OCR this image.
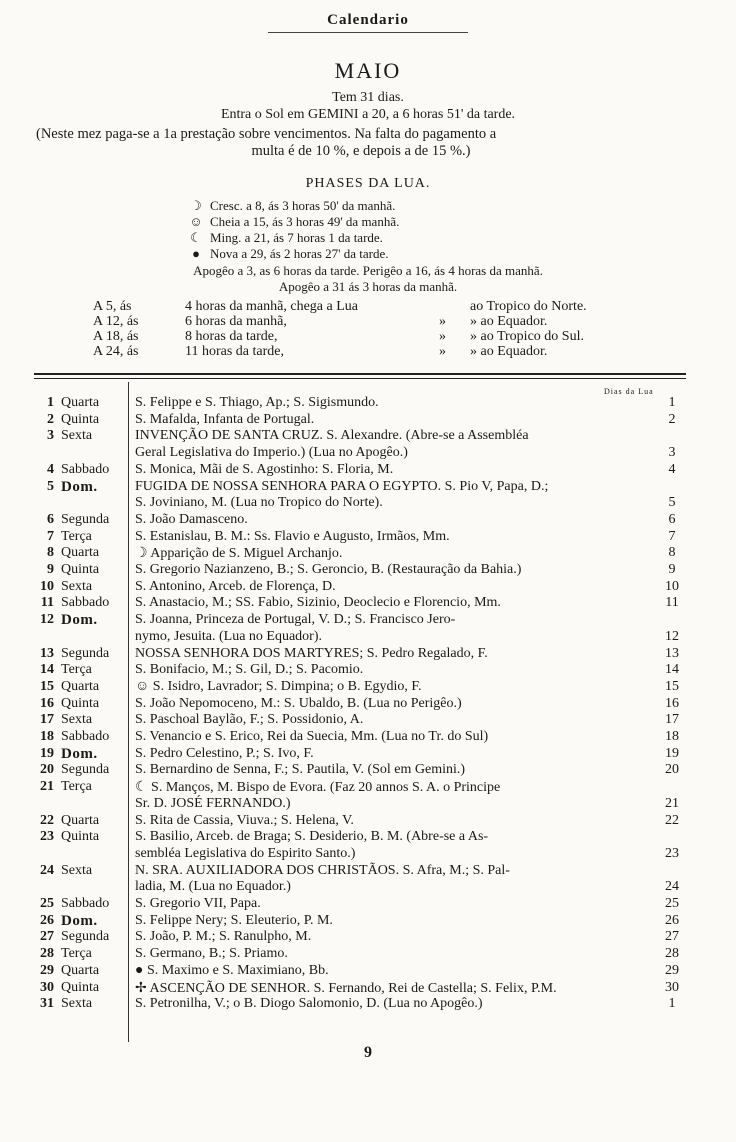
Calendario
MAIO
Tem 31 dias.
Entra o Sol em GEMINI a 20, a 6 horas 51' da tarde.
(Neste mez paga-se a 1a prestação sobre vencimentos. Na falta do pagamento a
multa é de 10 %, e depois a de 15 %.)
PHASES DA LUA.
☽ Cresc. a 8, ás 3 horas 50' da manhã.
☺ Cheia a 15, ás 3 horas 49' da manhã.
☾ Ming. a 21, ás 7 horas 1 da tarde.
● Nova a 29, ás 2 horas 27' da tarde.
Apogêo a 3, as 6 horas da tarde. Perigêo a 16, ás 4 horas da manhã.
Apogêo a 31 ás 3 horas da manhã.
A 5, ás	4 horas da manhã, chega a Lua	ao Tropico do Norte.
A 12, ás	6 horas da manhã,	» » ao Equador.
A 18, ás	8 horas da tarde,	» » ao Tropico do Sul.
A 24, ás	11 horas da tarde,	» » ao Equador.
Dias da Lua
1 Quarta	S. Felippe e S. Thiago, Ap.; S. Sigismundo.	1
2 Quinta	S. Mafalda, Infanta de Portugal.	2
3 Sexta	INVENÇÃO DE SANTA CRUZ. S. Alexandre. (Abre-se a Assembléa
Geral Legislativa do Imperio.) (Lua no Apogêo.)	3
4 Sabbado S. Monica, Mãi de S. Agostinho: S. Floria, M.	4
5 Dom.	FUGIDA DE NOSSA SENHORA PARA O EGYPTO. S. Pio V, Papa, D.;
S. Joviniano, M. (Lua no Tropico do Norte).	5
6 Segunda S. João Damasceno.	6
7 Terça	S. Estanislau, B. M.: Ss. Flavio e Augusto, Irmãos, Mm.	7
8 Quarta	☽ Apparição de S. Miguel Archanjo.	8
9 Quinta	S. Gregorio Nazianzeno, B.; S. Geroncio, B. (Restauração da Bahia.)	9
10 Sexta	S. Antonino, Arceb. de Florença, D.	10
11 Sabbado S. Anastacio, M.; SS. Fabio, Sizinio, Deoclecio e Florencio, Mm.	11
12 Dom.	S. Joanna, Princeza de Portugal, V. D.; S. Francisco Jero-
nymo, Jesuita. (Lua no Equador).	12
13 Segunda NOSSA SENHORA DOS MARTYRES; S. Pedro Regalado, F.	13
14 Terça	S. Bonifacio, M.; S. Gil, D.; S. Pacomio.	14
15 Quarta	☺ S. Isidro, Lavrador; S. Dimpina; o B. Egydio, F.	15
16 Quinta	S. João Nepomoceno, M.: S. Ubaldo, B. (Lua no Perigêo.)	16
17 Sexta	S. Paschoal Baylão, F.; S. Possidonio, A.	17
18 Sabbado S. Venancio e S. Erico, Rei da Suecia, Mm. (Lua no Tr. do Sul)	18
19 Dom.	S. Pedro Celestino, P.; S. Ivo, F.	19
20 Segunda S. Bernardino de Senna, F.; S. Pautila, V. (Sol em Gemini.)	20
21 Terça	☾ S. Manços, M. Bispo de Evora. (Faz 20 annos S. A. o Principe
Sr. D. JOSÉ FERNANDO.)	21
22 Quarta	S. Rita de Cassia, Viuva.; S. Helena, V.	22
23 Quinta	S. Basilio, Arceb. de Braga; S. Desiderio, B. M. (Abre-se a As-
sembléa Legislativa do Espirito Santo.)	23
24 Sexta	N. SRA. AUXILIADORA DOS CHRISTÃOS. S. Afra, M.; S. Pal-
ladia, M. (Lua no Equador.)	24
25 Sabbado S. Gregorio VII, Papa.	25
26 Dom.	S. Felippe Nery; S. Eleuterio, P. M.	26
27 Segunda S. João, P. M.; S. Ranulpho, M.	27
28 Terça	S. Germano, B.; S. Priamo.	28
29 Quarta	● S. Maximo e S. Maximiano, Bb.	29
30 Quinta	✢ ASCENÇÃO DE SENHOR. S. Fernando, Rei de Castella; S. Felix, P.M.	30
31 Sexta	S. Petronilha, V.; o B. Diogo Salomonio, D. (Lua no Apogêo.)	1
9
